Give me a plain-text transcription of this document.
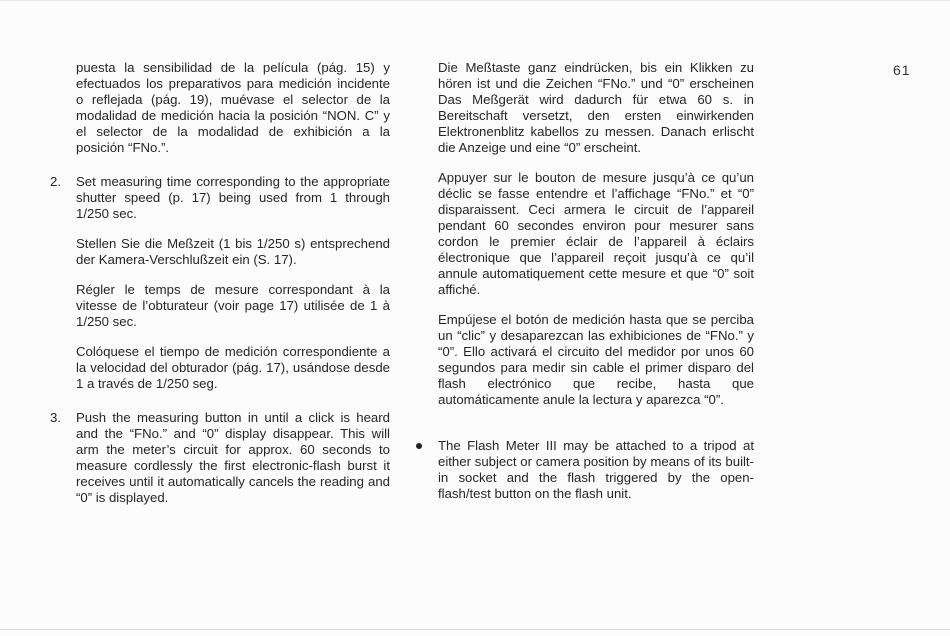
61

puesta la sensibilidad de la película (pág. 15) y efectuados los preparativos para medición incidente o reflejada (pág. 19), muévase el selector de la modalidad de medición hacia la posición “NON. C” y el selector de la modalidad de exhibición a la posición “FNo.”.

2. Set measuring time corresponding to the appropriate shutter speed (p. 17) being used from 1 through 1/250 sec.

Stellen Sie die Meßzeit (1 bis 1/250 s) entsprechend der Kamera-Verschlußzeit ein (S. 17).

Régler le temps de mesure correspondant à la vitesse de l’obturateur (voir page 17) utilisée de 1 à 1/250 sec.

Colóquese el tiempo de medición correspondiente a la velocidad del obturador (pág. 17), usándose desde 1 a través de 1/250 seg.

3. Push the measuring button in until a click is heard and the “FNo.” and “0” display disappear. This will arm the meter’s circuit for approx. 60 seconds to measure cordlessly the first electronic-flash burst it receives until it automatically cancels the reading and “0” is displayed.

Die Meßtaste ganz eindrücken, bis ein Klikken zu hören ist und die Zeichen “FNo.” und “0” erscheinen Das Meßgerät wird dadurch für etwa 60 s. in Bereitschaft versetzt, den ersten einwirkenden Elektronenblitz kabellos zu messen. Danach erlischt die Anzeige und eine “0” erscheint.

Appuyer sur le bouton de mesure jusqu’à ce qu’un déclic se fasse entendre et l’affichage “FNo.” et “0” disparaissent. Ceci armera le circuit de l’appareil pendant 60 secondes environ pour mesurer sans cordon le premier éclair de l’appareil à éclairs électronique que l’appareil reçoit jusqu’à ce qu’il annule automatiquement cette mesure et que “0” soit affiché.

Empújese el botón de medición hasta que se perciba un “clic” y desaparezcan las exhibiciones de “FNo.” y “0”. Ello activará el circuito del medidor por unos 60 segundos para medir sin cable el primer disparo del flash electrónico que recibe, hasta que automáticamente anule la lectura y aparezca “0”.

The Flash Meter III may be attached to a tripod at either subject or camera position by means of its built-in socket and the flash triggered by the open-flash/test button on the flash unit.
